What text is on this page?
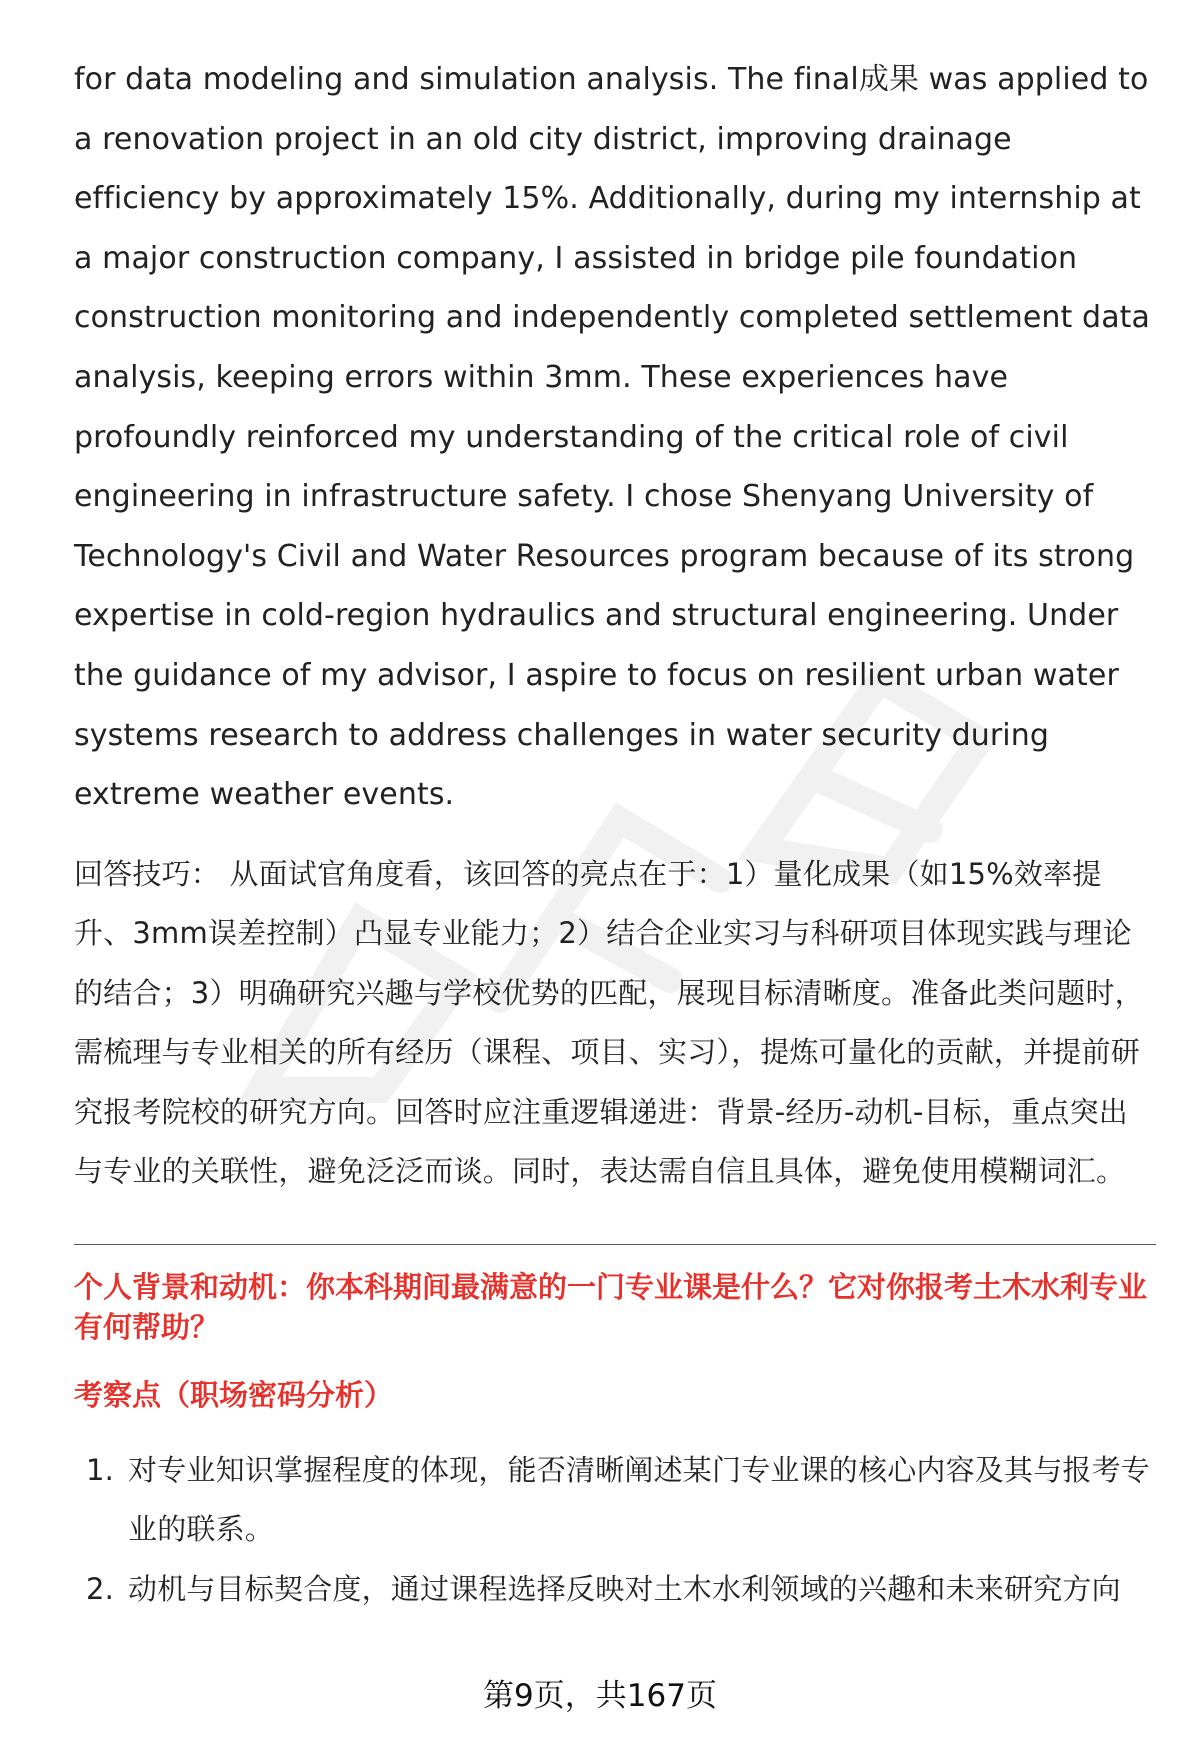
for data modeling and simulation analysis. The final成果 was applied to a renovation project in an old city district, improving drainage efficiency by approximately 15%. Additionally, during my internship at a major construction company, I assisted in bridge pile foundation construction monitoring and independently completed settlement data analysis, keeping errors within 3mm. These experiences have profoundly reinforced my understanding of the critical role of civil engineering in infrastructure safety. I chose Shenyang University of Technology's Civil and Water Resources program because of its strong expertise in cold-region hydraulics and structural engineering. Under the guidance of my advisor, I aspire to focus on resilient urban water systems research to address challenges in water security during extreme weather events.

回答技巧： 从面试官角度看，该回答的亮点在于：1）量化成果（如15%效率提升、3mm误差控制）凸显专业能力；2）结合企业实习与科研项目体现实践与理论的结合；3）明确研究兴趣与学校优势的匹配，展现目标清晰度。准备此类问题时，需梳理与专业相关的所有经历（课程、项目、实习），提炼可量化的贡献，并提前研究报考院校的研究方向。回答时应注重逻辑递进：背景-经历-动机-目标，重点突出与专业的关联性，避免泛泛而谈。同时，表达需自信且具体，避免使用模糊词汇。

个人背景和动机：你本科期间最满意的一门专业课是什么？它对你报考土木水利专业有何帮助？
考察点（职场密码分析）
1. 对专业知识掌握程度的体现，能否清晰阐述某门专业课的核心内容及其与报考专业的联系。
2. 动机与目标契合度，通过课程选择反映对土木水利领域的兴趣和未来研究方向
第9页，共167页
